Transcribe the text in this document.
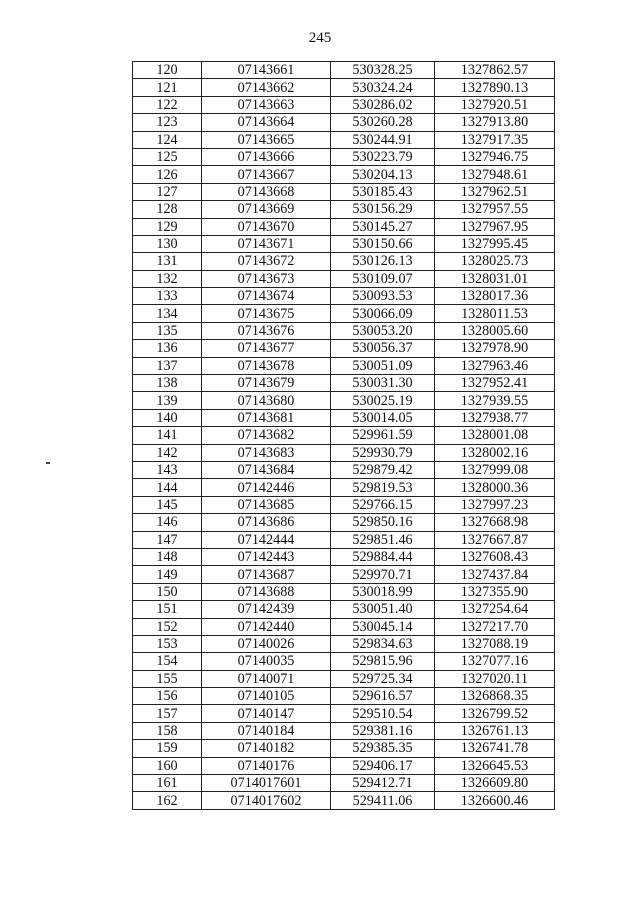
245
120	07143661	530328.25	1327862.57
121	07143662	530324.24	1327890.13
122	07143663	530286.02	1327920.51
123	07143664	530260.28	1327913.80
124	07143665	530244.91	1327917.35
125	07143666	530223.79	1327946.75
126	07143667	530204.13	1327948.61
127	07143668	530185.43	1327962.51
128	07143669	530156.29	1327957.55
129	07143670	530145.27	1327967.95
130	07143671	530150.66	1327995.45
131	07143672	530126.13	1328025.73
132	07143673	530109.07	1328031.01
133	07143674	530093.53	1328017.36
134	07143675	530066.09	1328011.53
135	07143676	530053.20	1328005.60
136	07143677	530056.37	1327978.90
137	07143678	530051.09	1327963.46
138	07143679	530031.30	1327952.41
139	07143680	530025.19	1327939.55
140	07143681	530014.05	1327938.77
141	07143682	529961.59	1328001.08
142	07143683	529930.79	1328002.16
143	07143684	529879.42	1327999.08
144	07142446	529819.53	1328000.36
145	07143685	529766.15	1327997.23
146	07143686	529850.16	1327668.98
147	07142444	529851.46	1327667.87
148	07142443	529884.44	1327608.43
149	07143687	529970.71	1327437.84
150	07143688	530018.99	1327355.90
151	07142439	530051.40	1327254.64
152	07142440	530045.14	1327217.70
153	07140026	529834.63	1327088.19
154	07140035	529815.96	1327077.16
155	07140071	529725.34	1327020.11
156	07140105	529616.57	1326868.35
157	07140147	529510.54	1326799.52
158	07140184	529381.16	1326761.13
159	07140182	529385.35	1326741.78
160	07140176	529406.17	1326645.53
161	0714017601	529412.71	1326609.80
162	0714017602	529411.06	1326600.46
